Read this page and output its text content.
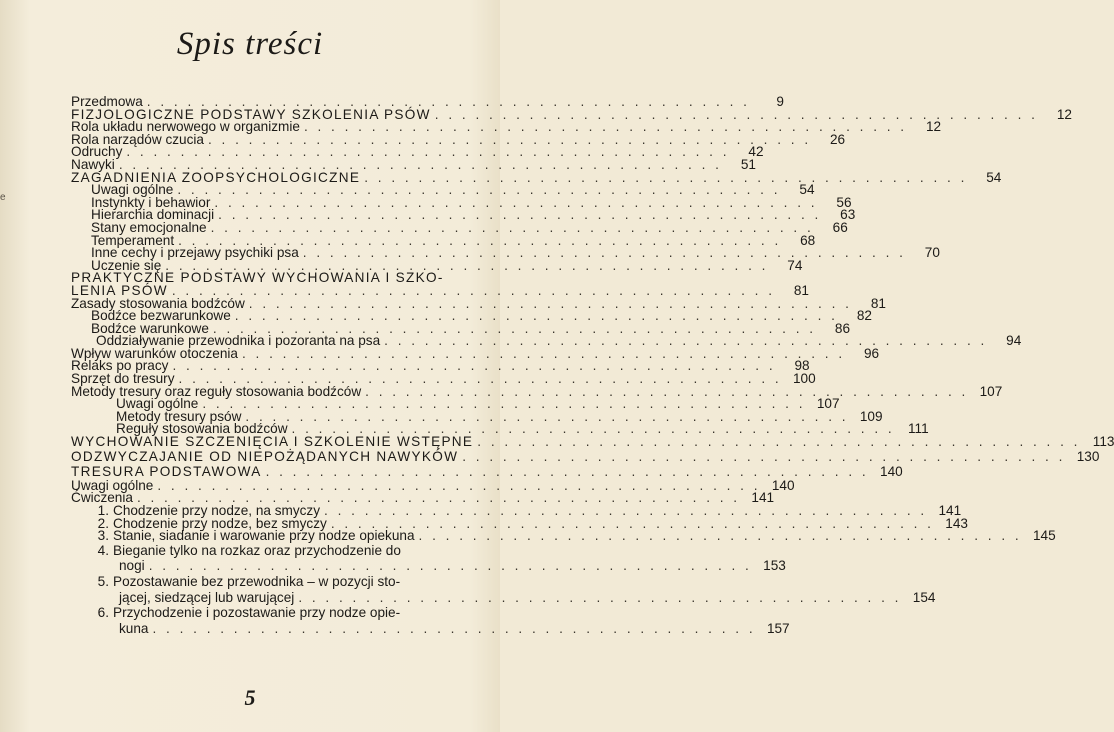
e
Spis treści
Przedmowa . . . . . . . . . . . . . . . . . . . . . . . . . . . . . . . . . . . . . . . . . . . . .	9
FIZJOLOGICZNE PODSTAWY SZKOLENIA PSÓW . . . . . . . . . . . . . . . . . . . . . . . . . . . . . . . . . . . . . . . . . . . . .	12
Rola układu nerwowego w organizmie . . . . . . . . . . . . . . . . . . . . . . . . . . . . . . . . . . . . . . . . . . . . .	12
Rola narządów czucia . . . . . . . . . . . . . . . . . . . . . . . . . . . . . . . . . . . . . . . . . . . . .	26
Odruchy . . . . . . . . . . . . . . . . . . . . . . . . . . . . . . . . . . . . . . . . . . . . .	42
Nawyki . . . . . . . . . . . . . . . . . . . . . . . . . . . . . . . . . . . . . . . . . . . . .	51
ZAGADNIENIA ZOOPSYCHOLOGICZNE . . . . . . . . . . . . . . . . . . . . . . . . . . . . . . . . . . . . . . . . . . . . .	54
Uwagi ogólne . . . . . . . . . . . . . . . . . . . . . . . . . . . . . . . . . . . . . . . . . . . . .	54
Instynkty i behawior . . . . . . . . . . . . . . . . . . . . . . . . . . . . . . . . . . . . . . . . . . . . .	56
Hierarchia dominacji . . . . . . . . . . . . . . . . . . . . . . . . . . . . . . . . . . . . . . . . . . . . .	63
Stany emocjonalne . . . . . . . . . . . . . . . . . . . . . . . . . . . . . . . . . . . . . . . . . . . . .	66
Temperament . . . . . . . . . . . . . . . . . . . . . . . . . . . . . . . . . . . . . . . . . . . . .	68
Inne cechy i przejawy psychiki psa . . . . . . . . . . . . . . . . . . . . . . . . . . . . . . . . . . . . . . . . . . . . .	70
Uczenie się . . . . . . . . . . . . . . . . . . . . . . . . . . . . . . . . . . . . . . . . . . . . .	74
PRAKTYCZNE PODSTAWY WYCHOWANIA I SZKO-
LENIA PSÓW . . . . . . . . . . . . . . . . . . . . . . . . . . . . . . . . . . . . . . . . . . . . .	81
Zasady stosowania bodźców . . . . . . . . . . . . . . . . . . . . . . . . . . . . . . . . . . . . . . . . . . . . .	81
Bodźce bezwarunkowe . . . . . . . . . . . . . . . . . . . . . . . . . . . . . . . . . . . . . . . . . . . . .	82
Bodźce warunkowe . . . . . . . . . . . . . . . . . . . . . . . . . . . . . . . . . . . . . . . . . . . . .	86
Oddziaływanie przewodnika i pozoranta na psa . . . . . . . . . . . . . . . . . . . . . . . . . . . . . . . . . . . . . . . . . . . . .	94
Wpływ warunków otoczenia . . . . . . . . . . . . . . . . . . . . . . . . . . . . . . . . . . . . . . . . . . . . .	96
Relaks po pracy . . . . . . . . . . . . . . . . . . . . . . . . . . . . . . . . . . . . . . . . . . . . .	98
Sprzęt do tresury . . . . . . . . . . . . . . . . . . . . . . . . . . . . . . . . . . . . . . . . . . . . . 100
Metody tresury oraz reguły stosowania bodźców . . . . . . . . . . . . . . . . . . . . . . . . . . . . . . . . . . . . . . . . . . . . . 107
Uwagi ogólne . . . . . . . . . . . . . . . . . . . . . . . . . . . . . . . . . . . . . . . . . . . . . 107
Metody tresury psów . . . . . . . . . . . . . . . . . . . . . . . . . . . . . . . . . . . . . . . . . . . . . 109
Reguły stosowania bodźców . . . . . . . . . . . . . . . . . . . . . . . . . . . . . . . . . . . . . . . . . . . . . 111
WYCHOWANIE SZCZENIĘCIA I SZKOLENIE WSTĘPNE . . . . . . . . . . . . . . . . . . . . . . . . . . . . . . . . . . . . . . . . . . . . . 113
ODZWYCZAJANIE OD NIEPOŻĄDANYCH NAWYKÓW . . . . . . . . . . . . . . . . . . . . . . . . . . . . . . . . . . . . . . . . . . . . . 130
TRESURA PODSTAWOWA . . . . . . . . . . . . . . . . . . . . . . . . . . . . . . . . . . . . . . . . . . . . . 140
Uwagi ogólne . . . . . . . . . . . . . . . . . . . . . . . . . . . . . . . . . . . . . . . . . . . . . 140
Ćwiczenia . . . . . . . . . . . . . . . . . . . . . . . . . . . . . . . . . . . . . . . . . . . . . 141
1. Chodzenie przy nodze, na smyczy . . . . . . . . . . . . . . . . . . . . . . . . . . . . . . . . . . . . . . . . . . . . . 141
2. Chodzenie przy nodze, bez smyczy . . . . . . . . . . . . . . . . . . . . . . . . . . . . . . . . . . . . . . . . . . . . . 143
3. Stanie, siadanie i warowanie przy nodze opiekuna . . . . . . . . . . . . . . . . . . . . . . . . . . . . . . . . . . . . . . . . . . . . . 145
4. Bieganie tylko na rozkaz oraz przychodzenie do
nogi . . . . . . . . . . . . . . . . . . . . . . . . . . . . . . . . . . . . . . . . . . . . . 153
5. Pozostawanie bez przewodnika – w pozycji sto-
jącej, siedzącej lub warującej . . . . . . . . . . . . . . . . . . . . . . . . . . . . . . . . . . . . . . . . . . . . . 154
6. Przychodzenie i pozostawanie przy nodze opie-
kuna . . . . . . . . . . . . . . . . . . . . . . . . . . . . . . . . . . . . . . . . . . . . . 157
5
